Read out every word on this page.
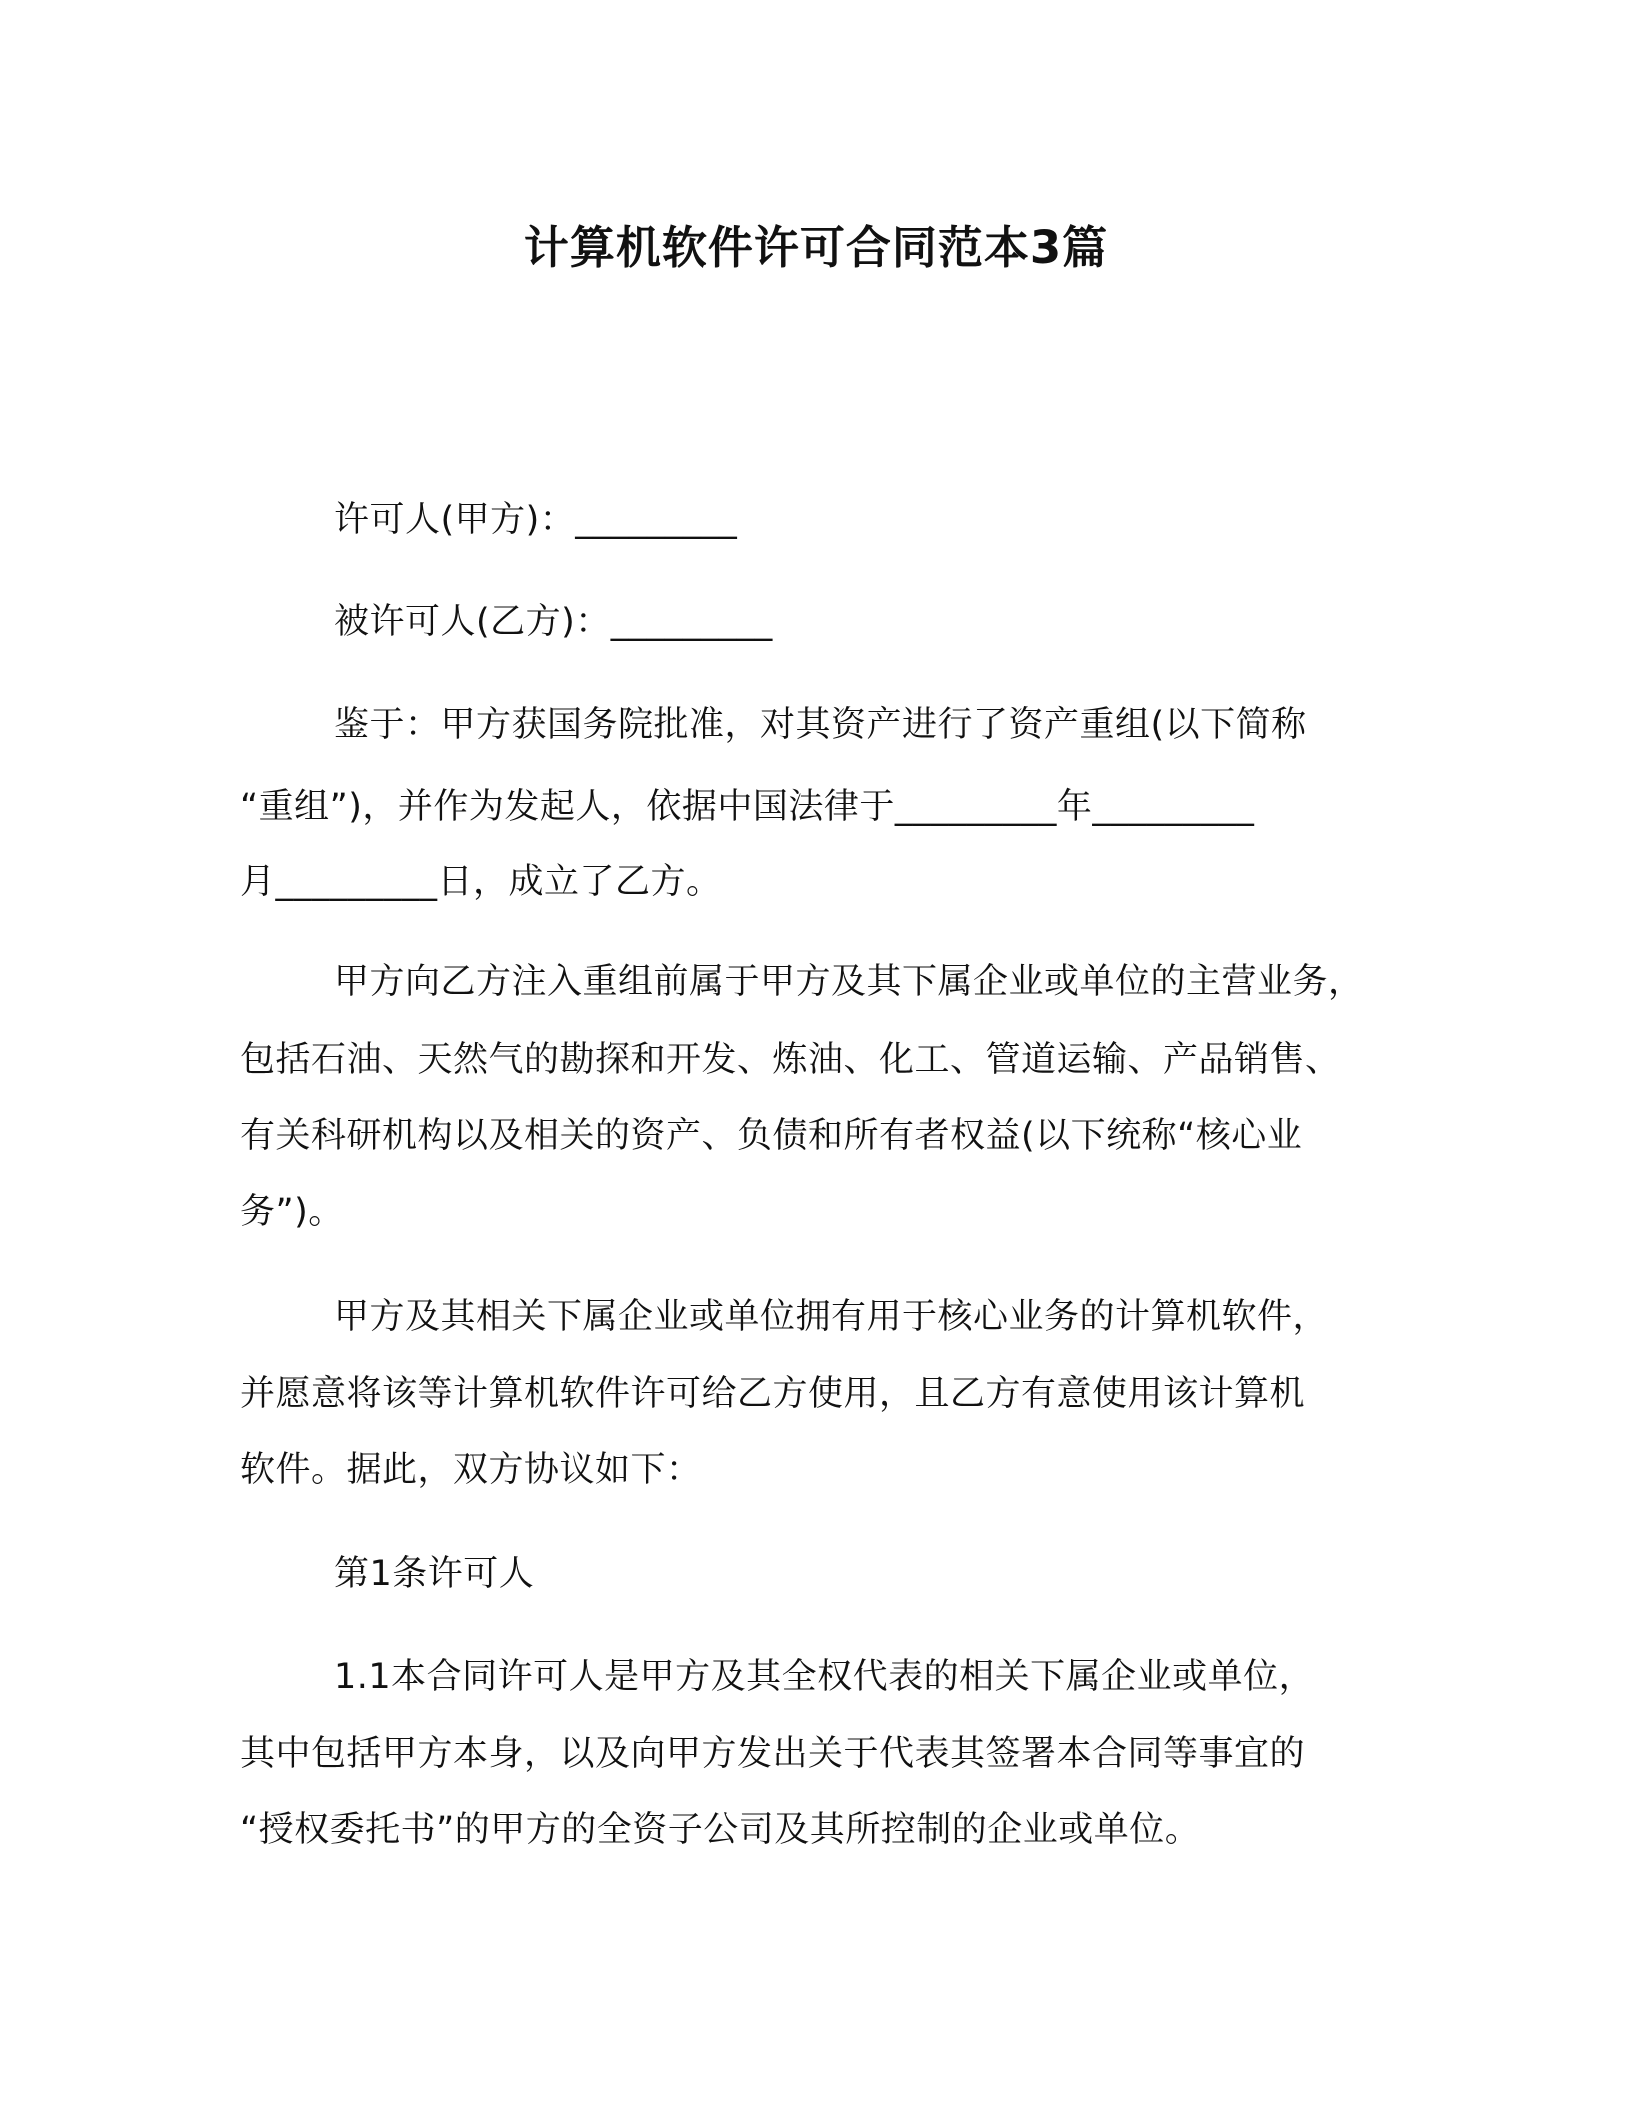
计算机软件许可合同范本3篇
许可人(甲方)：_________
被许可人(乙方)：_________
鉴于：甲方获国务院批准，对其资产进行了资产重组(以下简称
“重组”)，并作为发起人，依据中国法律于_________年_________
月_________日，成立了乙方。
甲方向乙方注入重组前属于甲方及其下属企业或单位的主营业务，
包括石油、天然气的勘探和开发、炼油、化工、管道运输、产品销售、
有关科研机构以及相关的资产、负债和所有者权益(以下统称“核心业
务”)。
甲方及其相关下属企业或单位拥有用于核心业务的计算机软件，
并愿意将该等计算机软件许可给乙方使用，且乙方有意使用该计算机
软件。据此，双方协议如下：
第1条许可人
1.1本合同许可人是甲方及其全权代表的相关下属企业或单位，
其中包括甲方本身，以及向甲方发出关于代表其签署本合同等事宜的
“授权委托书”的甲方的全资子公司及其所控制的企业或单位。
